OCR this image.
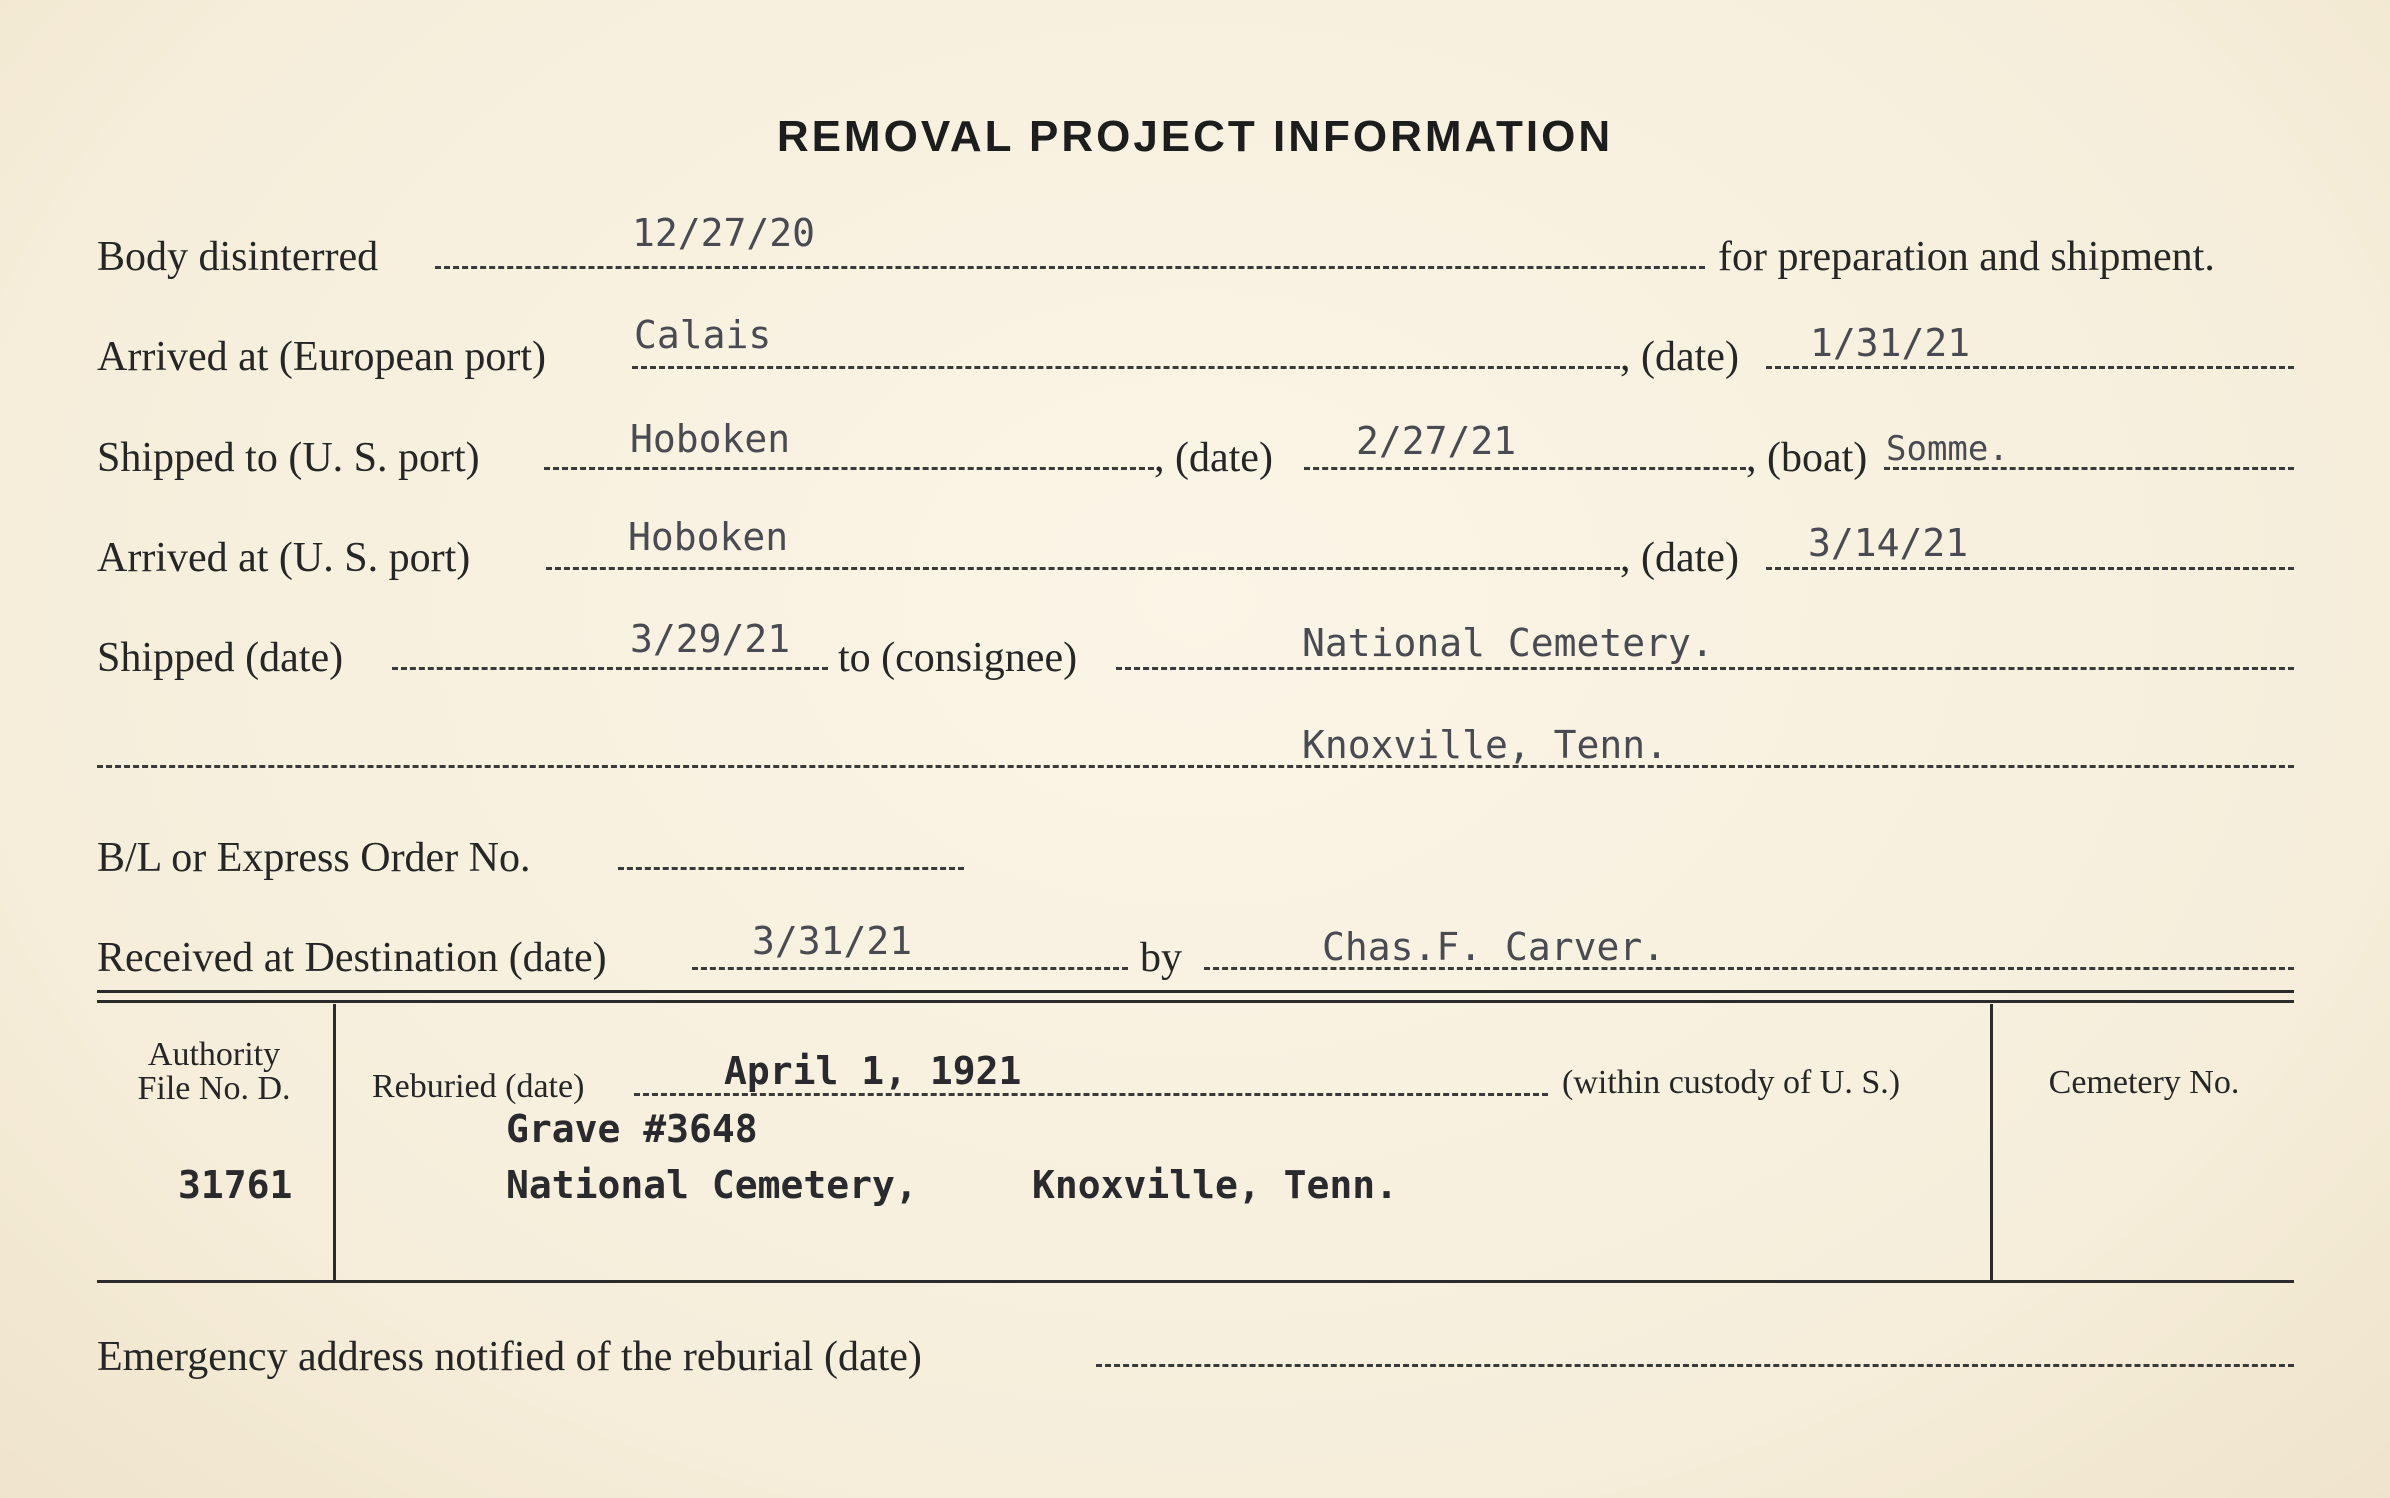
REMOVAL PROJECT INFORMATION
Body disinterred
12/27/20
for preparation and shipment.
Arrived at (European port) Calais	, (date) 1/31/21
Shipped to (U. S. port)	Hoboken	, (date) 2/27/21	, (boat) Somme.
Arrived at (U. S. port)	Hoboken	, (date) 3/14/21
Shipped (date)	3/29/21 to (consignee)	National Cemetery.
Knoxville, Tenn.
B/L or Express Order No.
Received at Destination (date)	3/31/21	by	Chas.F. Carver.
Authority
File No. D.
31761
Reburied (date)	April 1, 1921	(within custody of U. S.)
Grave #3648
National Cemetery,	Knoxville, Tenn.
Cemetery No.
Emergency address notified of the reburial (date)
